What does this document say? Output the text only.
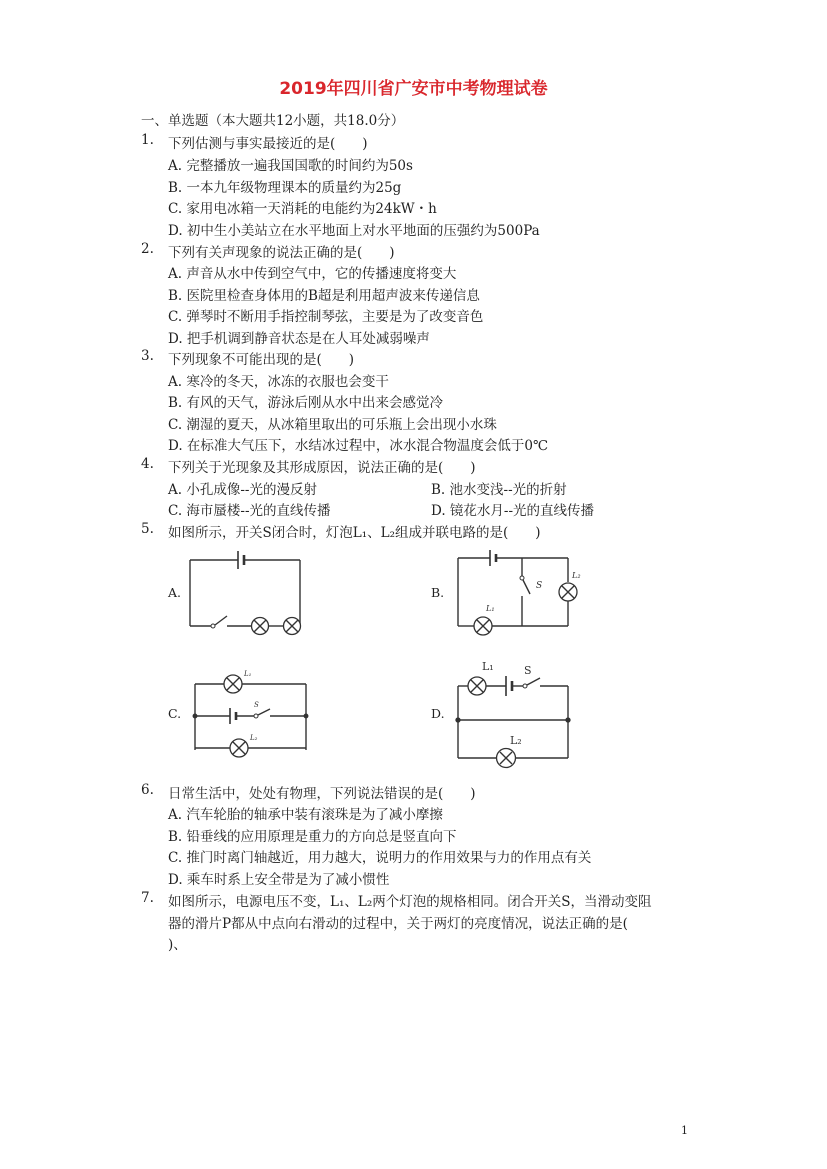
2019年四川省广安市中考物理试卷
一、单选题（本大题共12小题，共18.0分）
1.	下列估测与事实最接近的是(　　)
A. 完整播放一遍我国国歌的时间约为50s
B. 一本九年级物理课本的质量约为25g
C. 家用电冰箱一天消耗的电能约为24kW・h
D. 初中生小美站立在水平地面上对水平地面的压强约为500Pa
2.	下列有关声现象的说法正确的是(　　)
A. 声音从水中传到空气中，它的传播速度将变大
B. 医院里检查身体用的B超是利用超声波来传递信息
C. 弹琴时不断用手指控制琴弦，主要是为了改变音色
D. 把手机调到静音状态是在人耳处减弱噪声
3.	下列现象不可能出现的是(　　)
A. 寒冷的冬天，冰冻的衣服也会变干
B. 有风的天气，游泳后刚从水中出来会感觉冷
C. 潮湿的夏天，从冰箱里取出的可乐瓶上会出现小水珠
D. 在标准大气压下，水结冰过程中，冰水混合物温度会低于0℃
4.	下列关于光现象及其形成原因，说法正确的是(　　)
A. 小孔成像--光的漫反射	B. 池水变浅--光的折射
C. 海市蜃楼--光的直线传播	D. 镜花水月--光的直线传播
5.	如图所示，开关S闭合时，灯泡L₁、L₂组成并联电路的是(　　)
A.	B.
C.	D.
S
L₂
L₁
L₁
S
L₂
L₁	S
L₂
6.	日常生活中，处处有物理，下列说法错误的是(　　)
A. 汽车轮胎的轴承中装有滚珠是为了减小摩擦
B. 铅垂线的应用原理是重力的方向总是竖直向下
C. 推门时离门轴越近，用力越大，说明力的作用效果与力的作用点有关
D. 乘车时系上安全带是为了减小惯性
7.	如图所示，电源电压不变，L₁、L₂两个灯泡的规格相同。闭合开关S，当滑动变阻
器的滑片P都从中点向右滑动的过程中，关于两灯的亮度情况，说法正确的是(
)、
1
